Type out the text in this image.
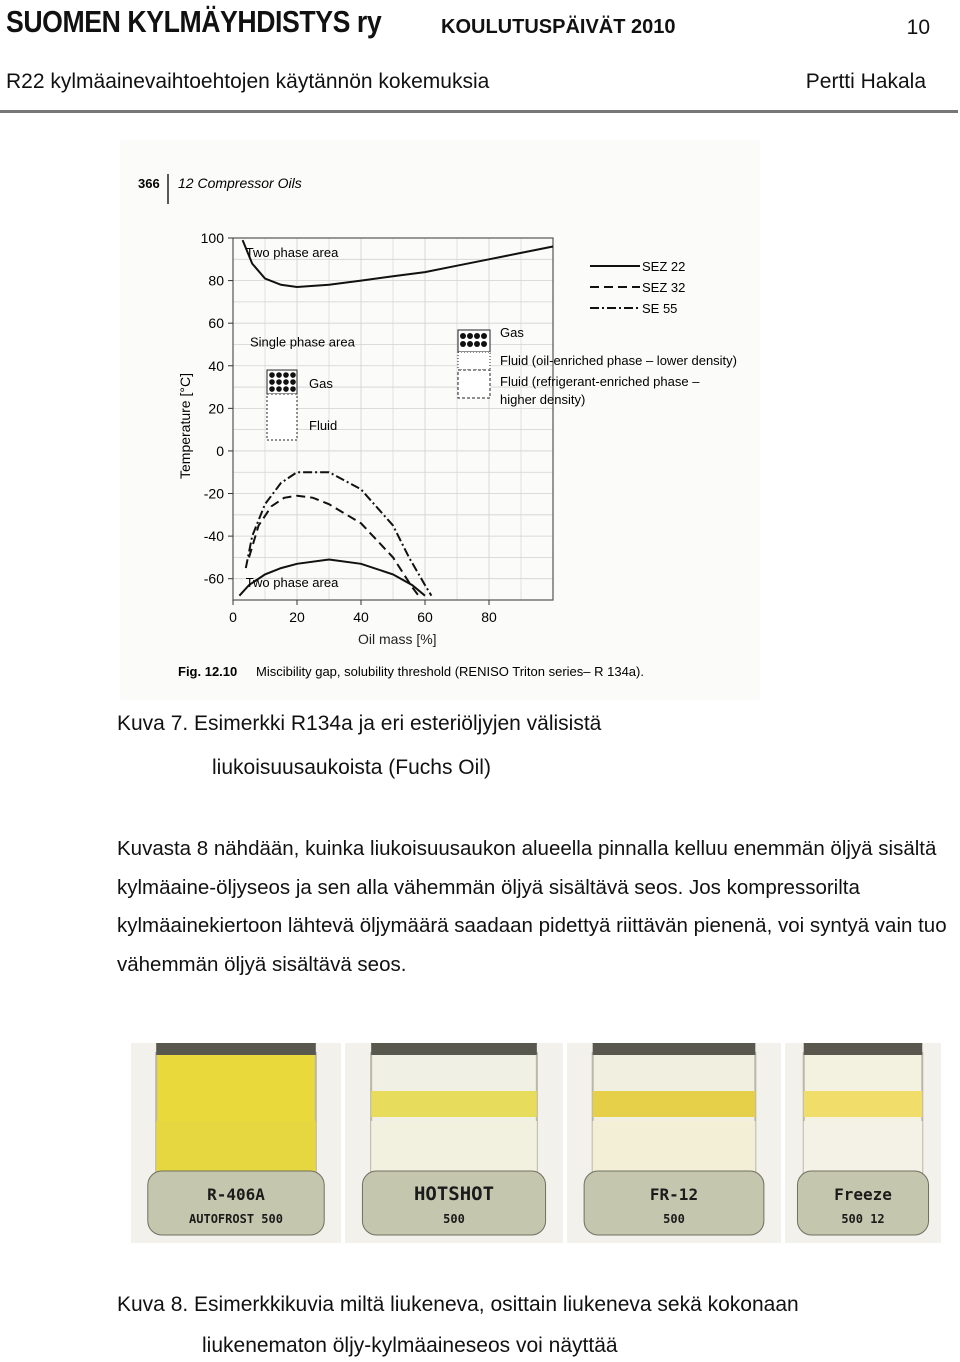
SUOMEN KYLMÄYHDISTYS ry	KOULUTUSPÄIVÄT 2010	10
R22 kylmäainevaihtoehtojen käytännön kokemuksia	Pertti Hakala
366 12 Compressor Oils
100
80
60
40
20
0
-20
-40
-60
0	20	40	60	80
Oil mass [%]
Temperature [°C]
SEZ 22
SEZ 32
SE 55
Two phase area
Two phase area
Single phase area
Gas
Fluid
Gas
Fluid (oil-enriched phase – lower density)
Fluid (refrigerant-enriched phase –
higher density)
Fig. 12.10 Miscibility gap, solubility threshold (RENISO Triton series– R 134a).
Kuva 7. Esimerkki R134a ja eri esteriöljyjen välisistä
liukoisuusaukoista (Fuchs Oil)
Kuvasta 8 nähdään, kuinka liukoisuusaukon alueella pinnalla kelluu enemmän öljyä sisältä kylmäaine-öljyseos ja sen alla vähemmän öljyä sisältävä seos. Jos kompressorilta kylmäainekiertoon lähtevä öljymäärä saadaan pidettyä riittävän pienenä, voi syntyä vain tuo vähemmän öljyä sisältävä seos.
R-406A
AUTOFROST 500
HOTSHOT
500
FR-12
500
Freeze
500 12
Kuva 8. Esimerkkikuvia miltä liukeneva, osittain liukeneva sekä kokonaan
liukenematon öljy-kylmäaineseos voi näyttää
